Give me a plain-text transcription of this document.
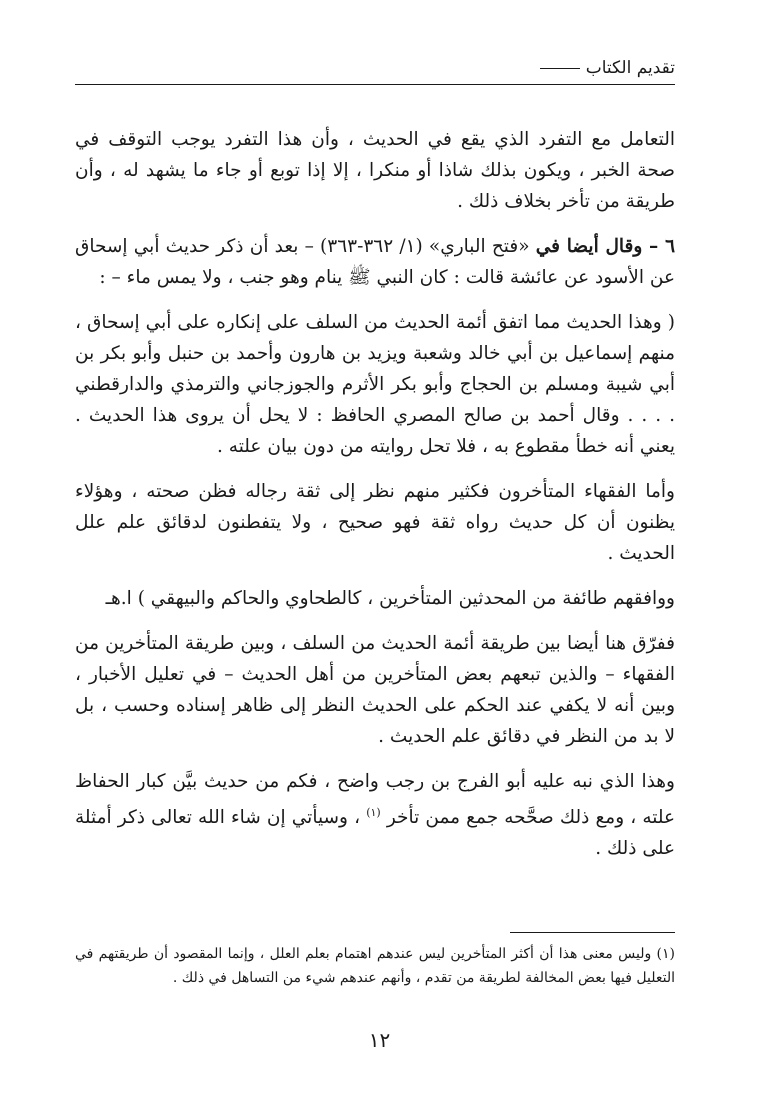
تقديم الكتاب

التعامل مع التفرد الذي يقع في الحديث ، وأن هذا التفرد يوجب التوقف في صحة الخبر ، ويكون بذلك شاذا أو منكرا ، إلا إذا توبع أو جاء ما يشهد له ، وأن طريقة من تأخر بخلاف ذلك .

٦ – وقال أيضا في «فتح الباري» (١/ ٣٦٢-٣٦٣) – بعد أن ذكر حديث أبي إسحاق عن الأسود عن عائشة قالت : كان النبي ﷺ ينام وهو جنب ، ولا يمس ماء – :

( وهذا الحديث مما اتفق أئمة الحديث من السلف على إنكاره على أبي إسحاق ، منهم إسماعيل بن أبي خالد وشعبة ويزيد بن هارون وأحمد بن حنبل وأبو بكر بن أبي شيبة ومسلم بن الحجاج وأبو بكر الأثرم والجوزجاني والترمذي والدارقطني . . . . وقال أحمد بن صالح المصري الحافظ : لا يحل أن يروى هذا الحديث . يعني أنه خطأ مقطوع به ، فلا تحل روايته من دون بيان علته .

وأما الفقهاء المتأخرون فكثير منهم نظر إلى ثقة رجاله فظن صحته ، وهؤلاء يظنون أن كل حديث رواه ثقة فهو صحيح ، ولا يتفطنون لدقائق علم علل الحديث .

ووافقهم طائفة من المحدثين المتأخرين ، كالطحاوي والحاكم والبيهقي ) ا.هـ

ففرّق هنا أيضا بين طريقة أئمة الحديث من السلف ، وبين طريقة المتأخرين من الفقهاء – والذين تبعهم بعض المتأخرين من أهل الحديث – في تعليل الأخبار ، وبين أنه لا يكفي عند الحكم على الحديث النظر إلى ظاهر إسناده وحسب ، بل لا بد من النظر في دقائق علم الحديث .

وهذا الذي نبه عليه أبو الفرج بن رجب واضح ، فكم من حديث بيَّن كبار الحفاظ علته ، ومع ذلك صحَّحه جمع ممن تأخر $^{(١)}$ ، وسيأتي إن شاء الله تعالى ذكر أمثلة على ذلك .

(١) وليس معنى هذا أن أكثر المتأخرين ليس عندهم اهتمام بعلم العلل ، وإنما المقصود أن طريقتهم في التعليل فيها بعض المخالفة لطريقة من تقدم ، وأنهم عندهم شيء من التساهل في ذلك .

١٢
